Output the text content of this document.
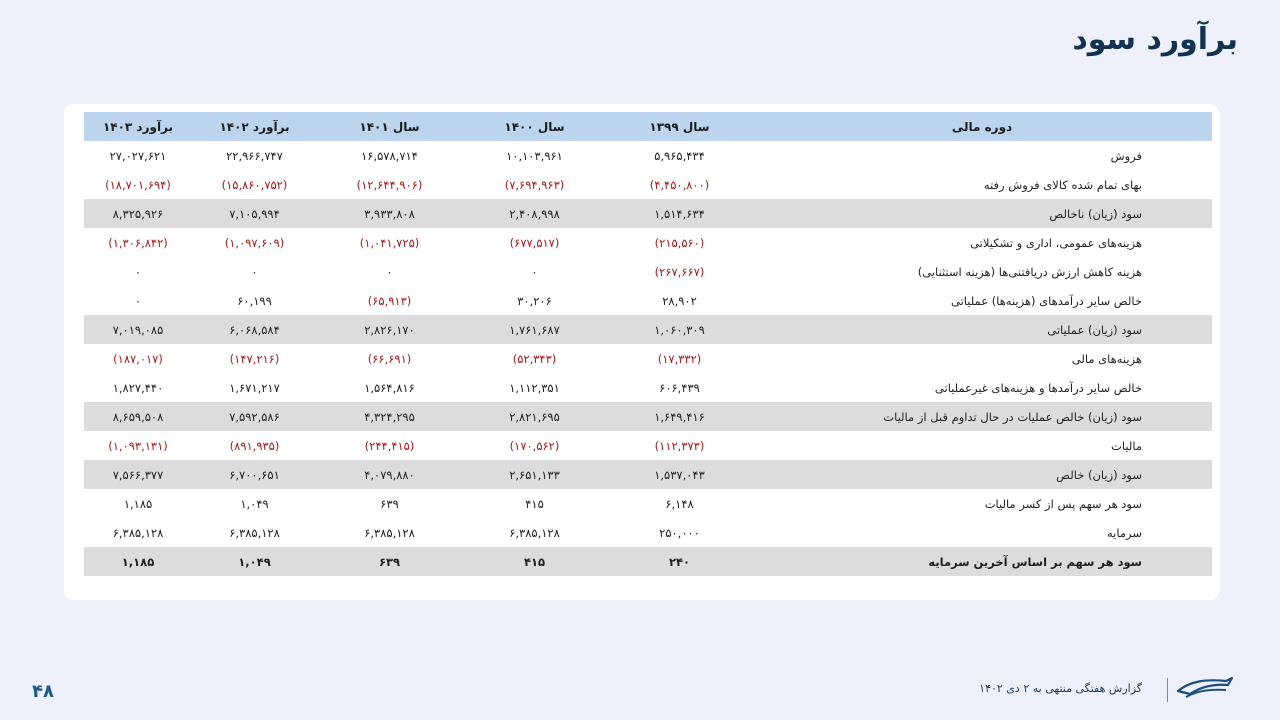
برآورد سود
دوره مالی	سال ۱۳۹۹	سال ۱۴۰۰	سال ۱۴۰۱	برآورد ۱۴۰۲	برآورد ۱۴۰۳
فروش	۵,۹۶۵,۴۳۴	۱۰,۱۰۳,۹۶۱	۱۶,۵۷۸,۷۱۴	۲۲,۹۶۶,۷۴۷	۲۷,۰۲۷,۶۲۱
بهای تمام شده کالای فروش رفته	(۴,۴۵۰,۸۰۰)	(۷,۶۹۴,۹۶۳)	(۱۲,۶۴۴,۹۰۶)	(۱۵,۸۶۰,۷۵۲)	(۱۸,۷۰۱,۶۹۴)
سود (زیان) ناخالص	۱,۵۱۴,۶۳۴	۲,۴۰۸,۹۹۸	۳,۹۳۳,۸۰۸	۷,۱۰۵,۹۹۴	۸,۳۲۵,۹۲۶
هزینه‌های عمومی، اداری و تشکیلاتی	(۲۱۵,۵۶۰)	(۶۷۷,۵۱۷)	(۱,۰۴۱,۷۲۵)	(۱,۰۹۷,۶۰۹)	(۱,۳۰۶,۸۴۲)
هزینه کاهش ارزش دریافتنی‌ها (هزینه استثنایی)	(۲۶۷,۶۶۷)	۰	۰	۰	۰
خالص سایر درآمدهای (هزینه‌ها) عملیاتی	۲۸,۹۰۲	۳۰,۲۰۶	(۶۵,۹۱۳)	۶۰,۱۹۹	۰
سود (زیان) عملیاتی	۱,۰۶۰,۳۰۹	۱,۷۶۱,۶۸۷	۲,۸۲۶,۱۷۰	۶,۰۶۸,۵۸۴	۷,۰۱۹,۰۸۵
هزینه‌های مالی	(۱۷,۳۳۲)	(۵۲,۳۴۳)	(۶۶,۶۹۱)	(۱۴۷,۲۱۶)	(۱۸۷,۰۱۷)
خالص سایر درآمدها و هزینه‌های غیرعملیاتی	۶۰۶,۴۳۹	۱,۱۱۲,۳۵۱	۱,۵۶۴,۸۱۶	۱,۶۷۱,۲۱۷	۱,۸۲۷,۴۴۰
سود (زیان) خالص عملیات در حال تداوم قبل از مالیات	۱,۶۴۹,۴۱۶	۲,۸۲۱,۶۹۵	۴,۳۲۴,۲۹۵	۷,۵۹۲,۵۸۶	۸,۶۵۹,۵۰۸
مالیات	(۱۱۲,۳۷۳)	(۱۷۰,۵۶۲)	(۲۴۴,۴۱۵)	(۸۹۱,۹۳۵)	(۱,۰۹۳,۱۳۱)
سود (زیان) خالص	۱,۵۳۷,۰۴۳	۲,۶۵۱,۱۳۳	۴,۰۷۹,۸۸۰	۶,۷۰۰,۶۵۱	۷,۵۶۶,۳۷۷
سود هر سهم پس از کسر مالیات	۶,۱۴۸	۴۱۵	۶۳۹	۱,۰۴۹	۱,۱۸۵
سرمایه	۲۵۰,۰۰۰	۶,۳۸۵,۱۲۸	۶,۳۸۵,۱۲۸	۶,۳۸۵,۱۲۸	۶,۳۸۵,۱۲۸
سود هر سهم بر اساس آخرین سرمایه	۲۴۰	۴۱۵	۶۳۹	۱,۰۴۹	۱,۱۸۵
گزارش هفتگی منتهی به ۲ دی ۱۴۰۲
۴۸
